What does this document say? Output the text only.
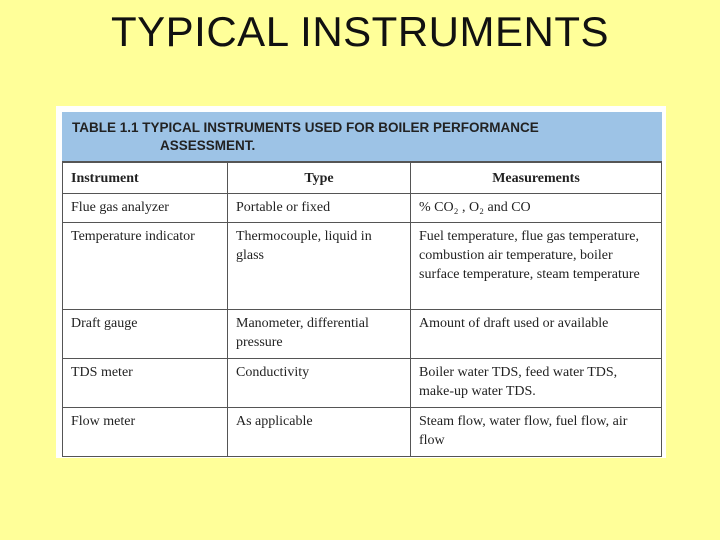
TYPICAL INSTRUMENTS
TABLE 1.1 TYPICAL INSTRUMENTS USED FOR BOILER PERFORMANCE
ASSESSMENT.
Instrument	Type	Measurements
Flue gas analyzer	Portable or fixed	% CO₂ , O₂ and CO
Temperature indicator	Thermocouple, liquid in glass	Fuel temperature, flue gas temperature, combustion air temperature, boiler surface temperature, steam temperature
Draft gauge	Manometer, differential pressure	Amount of draft used or available
TDS meter	Conductivity	Boiler water TDS, feed water TDS, make-up water TDS.
Flow meter	As applicable	Steam flow, water flow, fuel flow, air flow
